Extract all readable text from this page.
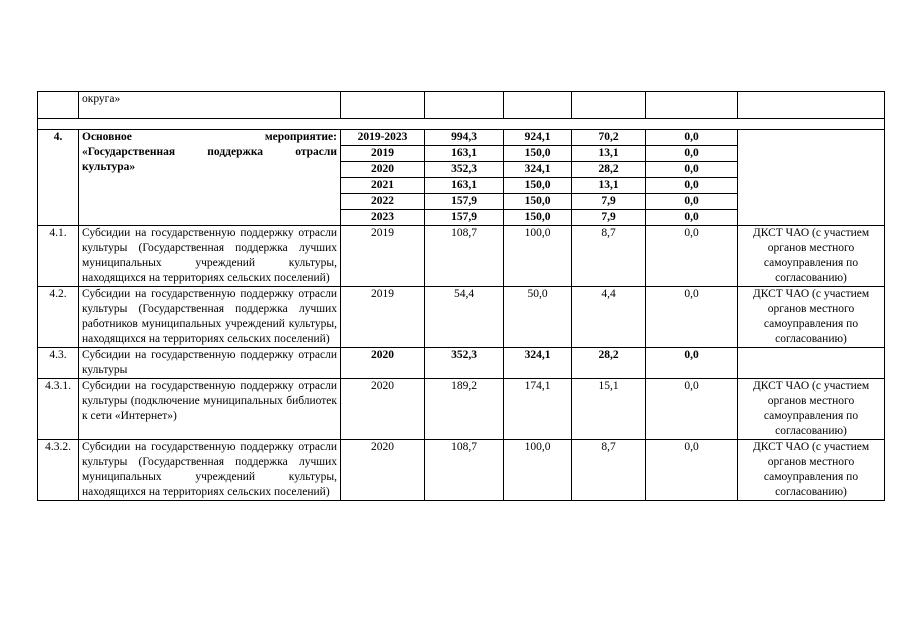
	округа»						

4.	Основное мероприятие:
«Государственная поддержка отрасли
культура»	2019-2023	994,3	924,1	70,2	0,0	
		2019	163,1	150,0	13,1	0,0	
		2020	352,3	324,1	28,2	0,0	
		2021	163,1	150,0	13,1	0,0	
		2022	157,9	150,0	7,9	0,0	
		2023	157,9	150,0	7,9	0,0	
4.1.	Субсидии на государственную поддержку отрасли культуры (Государственная поддержка лучших муниципальных учреждений культуры, находящихся на территориях сельских поселений)	2019	108,7	100,0	8,7	0,0	ДКСТ ЧАО (с участием органов местного самоуправления по согласованию)
4.2.	Субсидии на государственную поддержку отрасли культуры (Государственная поддержка лучших работников муниципальных учреждений культуры, находящихся на территориях сельских поселений)	2019	54,4	50,0	4,4	0,0	ДКСТ ЧАО (с участием органов местного самоуправления по согласованию)
4.3.	Субсидии на государственную поддержку отрасли культуры	2020	352,3	324,1	28,2	0,0	
4.3.1.	Субсидии на государственную поддержку отрасли культуры (подключение муниципальных библиотек к сети «Интернет»)	2020	189,2	174,1	15,1	0,0	ДКСТ ЧАО (с участием органов местного самоуправления по согласованию)
4.3.2.	Субсидии на государственную поддержку отрасли культуры (Государственная поддержка лучших муниципальных учреждений культуры, находящихся на территориях сельских поселений)	2020	108,7	100,0	8,7	0,0	ДКСТ ЧАО (с участием органов местного самоуправления по согласованию)
